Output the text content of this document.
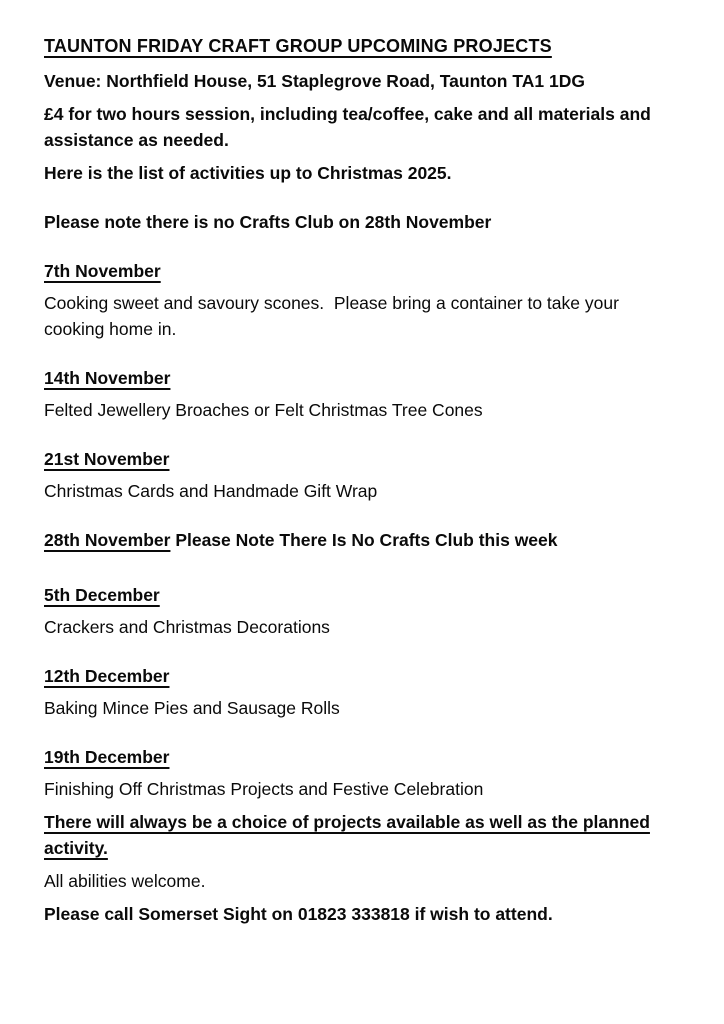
TAUNTON FRIDAY CRAFT GROUP UPCOMING PROJECTS

Venue: Northfield House, 51 Staplegrove Road, Taunton TA1 1DG

£4 for two hours session, including tea/coffee, cake and all materials and assistance as needed.

Here is the list of activities up to Christmas 2025.

Please note there is no Crafts Club on 28th November

7th November

Cooking sweet and savoury scones.  Please bring a container to take your cooking home in.

14th November

Felted Jewellery Broaches or Felt Christmas Tree Cones

21st November

Christmas Cards and Handmade Gift Wrap

28th November Please Note There Is No Crafts Club this week

5th December

Crackers and Christmas Decorations

12th December

Baking Mince Pies and Sausage Rolls

19th December

Finishing Off Christmas Projects and Festive Celebration

There will always be a choice of projects available as well as the planned activity.

All abilities welcome.

Please call Somerset Sight on 01823 333818 if wish to attend.
